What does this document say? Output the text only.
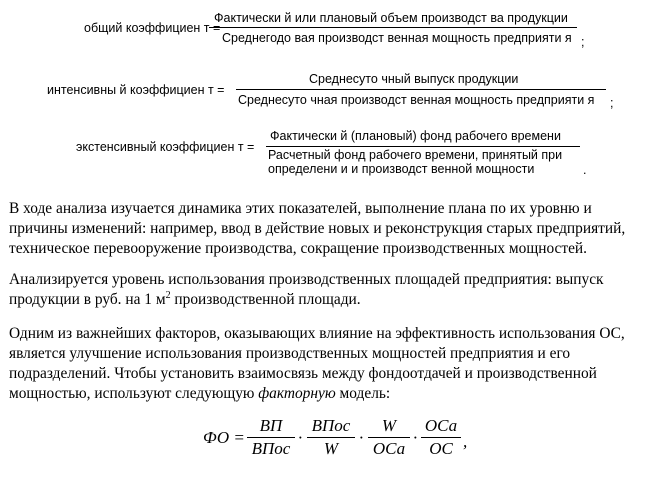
общий коэффициен т =
Фактически й или плановый объем производст ва продукции
Среднегодо вая производст венная мощность предприяти я ;
интенсивны й коэффициен т =
Среднесуто чный выпуск продукции
Среднесуто чная производст венная мощность предприяти я ;
экстенсивный коэффициен т =
Фактически й (плановый) фонд рабочего времени
Расчетный фонд рабочего времени, принятый при
определени и и производст венной мощности	.

В ходе анализа изучается динамика этих показателей, выполнение плана по их уровню и причины изменений: например, ввод в действие новых и реконструкция старых предприятий, техническое перевооружение производства, сокращение производственных мощностей.

Анализируется уровень использования производственных площадей предприятия: выпуск продукции в руб. на 1 $м^2$ производственной площади.

Одним из важнейших факторов, оказывающих влияние на эффективность использования ОС, является улучшение использования производственных мощностей предприятия и его подразделений. Чтобы установить взаимосвязь между фондоотдачей и производственной мощностью, используют следующую факторную модель:

ФО =
ВП
ВПос
·
ВПос
W
·
W
ОСа
·
ОСа
ОС ,
